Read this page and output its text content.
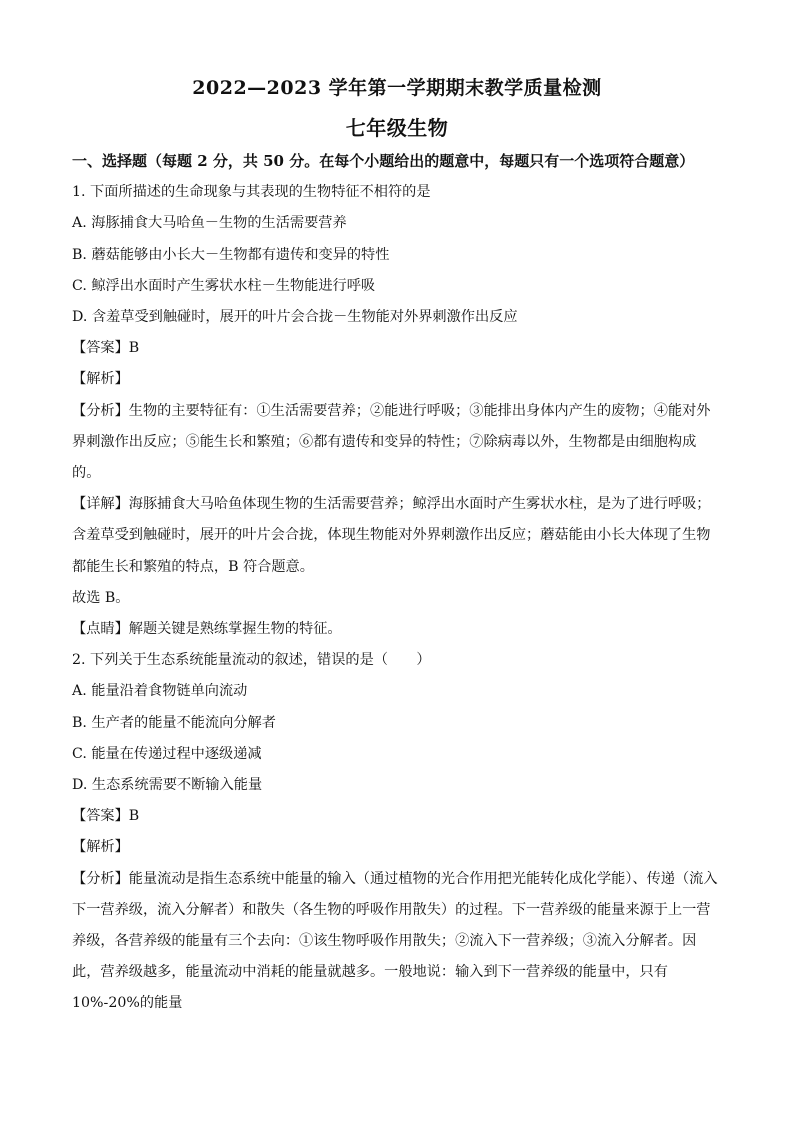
2022—2023 学年第一学期期末教学质量检测
七年级生物

一、选择题（每题 2 分，共 50 分。在每个小题给出的题意中，每题只有一个选项符合题意）

1. 下面所描述的生命现象与其表现的生物特征不相符的是

A. 海豚捕食大马哈鱼－生物的生活需要营养

B. 蘑菇能够由小长大－生物都有遗传和变异的特性

C. 鲸浮出水面时产生雾状水柱－生物能进行呼吸

D. 含羞草受到触碰时，展开的叶片会合拢－生物能对外界刺激作出反应

【答案】B

【解析】

【分析】生物的主要特征有：①生活需要营养；②能进行呼吸；③能排出身体内产生的废物；④能对外界刺激作出反应；⑤能生长和繁殖；⑥都有遗传和变异的特性；⑦除病毒以外，生物都是由细胞构成的。

【详解】海豚捕食大马哈鱼体现生物的生活需要营养；鲸浮出水面时产生雾状水柱，是为了进行呼吸；含羞草受到触碰时，展开的叶片会合拢，体现生物能对外界刺激作出反应；蘑菇能由小长大体现了生物都能生长和繁殖的特点，B 符合题意。

故选 B。

【点睛】解题关键是熟练掌握生物的特征。

2. 下列关于生态系统能量流动的叙述，错误的是（　　）

A. 能量沿着食物链单向流动

B. 生产者的能量不能流向分解者

C. 能量在传递过程中逐级递减

D. 生态系统需要不断输入能量

【答案】B

【解析】

【分析】能量流动是指生态系统中能量的输入（通过植物的光合作用把光能转化成化学能）、传递（流入下一营养级，流入分解者）和散失（各生物的呼吸作用散失）的过程。下一营养级的能量来源于上一营养级，各营养级的能量有三个去向：①该生物呼吸作用散失；②流入下一营养级；③流入分解者。因此，营养级越多，能量流动中消耗的能量就越多。一般地说：输入到下一营养级的能量中，只有 10%-20%的能量
